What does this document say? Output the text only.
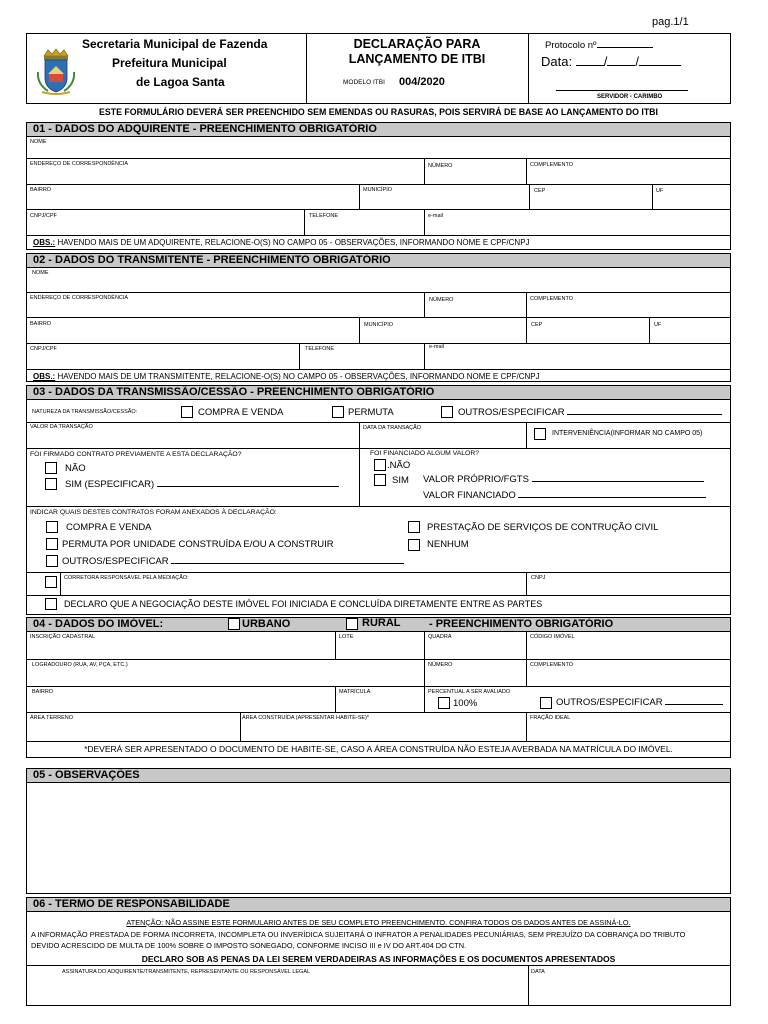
pag.1/1
Secretaria Municipal de Fazenda
Prefeitura Municipal
de Lagoa Santa
DECLARAÇÃO PARA
LANÇAMENTO DE ITBI
MODELO ITBI 004/2020
Protocolo nº
Data: / /
SERVIDOR - CARIMBO
ESTE FORMULÁRIO DEVERÁ SER PREENCHIDO SEM EMENDAS OU RASURAS, POIS SERVIRÁ DE BASE AO LANÇAMENTO DO ITBI
01 - DADOS DO ADQUIRENTE - PREENCHIMENTO OBRIGATÓRIO
NOME
ENDEREÇO DE CORRESPONDÊNCIA	NÚMERO	COMPLEMENTO
BAIRRO	MUNICÍPIO	CEP	UF
CNPJ/CPF	TELEFONE	e-mail
OBS.: HAVENDO MAIS DE UM ADQUIRENTE, RELACIONE-O(S) NO CAMPO 05 - OBSERVAÇÕES, INFORMANDO NOME E CPF/CNPJ
02 - DADOS DO TRANSMITENTE - PREENCHIMENTO OBRIGATÓRIO
NOME
ENDEREÇO DE CORRESPONDÊNCIA	NÚMERO	COMPLEMENTO
BAIRRO	MUNICÍPIO	CEP	UF
CNPJ/CPF	TELEFONE	e-mail
OBS.: HAVENDO MAIS DE UM TRANSMITENTE, RELACIONE-O(S) NO CAMPO 05 - OBSERVAÇÕES, INFORMANDO NOME E CPF/CNPJ
03 - DADOS DA TRANSMISSÃO/CESSÃO - PREENCHIMENTO OBRIGATÓRIO
NATUREZA DA TRANSMISSÃO/CESSÃO:	COMPRA E VENDA	PERMUTA	OUTROS/ESPECIFICAR
VALOR DA TRANSAÇÃO	DATA DA TRANSAÇÃO
INTERVENIÊNCIA(INFORMAR NO CAMPO 05)
FOI FIRMADO CONTRATO PREVIAMENTE A ESTA DECLARAÇÃO?
NÃO
SIM (ESPECIFICAR)
FOI FINANCIADO ALGUM VALOR?
.NÃO
SIM VALOR PRÓPRIO/FGTS
VALOR FINANCIADO
INDICAR QUAIS DESTES CONTRATOS FORAM ANEXADOS À DECLARAÇÃO:
COMPRA E VENDA
PERMUTA POR UNIDADE CONSTRUÍDA E/OU A CONSTRUIR
OUTROS/ESPECIFICAR
PRESTAÇÃO DE SERVIÇOS DE CONTRUÇÃO CIVIL
NENHUM
CORRETORA RESPONSÁVEL PELA MEDIAÇÃO:	CNPJ
DECLARO QUE A NEGOCIAÇÃO DESTE IMÓVEL FOI INICIADA E CONCLUÍDA DIRETAMENTE ENTRE AS PARTES
04 - DADOS DO IMÓVEL:	URBANO	RURAL	- PREENCHIMENTO OBRIGATÓRIO
INSCRIÇÃO CADASTRAL	LOTE	QUADRA	CÓDIGO IMÓVEL
LOGRADOURO (RUA, AV, PÇA, ETC.)	NÚMERO	COMPLEMENTO
BAIRRO	MATRÍCULA	PERCENTUAL A SER AVALIADO
100%	OUTROS/ESPECIFICAR
ÁREA TERRENO	ÁREA CONSTRUÍDA (APRESENTAR HABITE-SE)*	FRAÇÃO IDEAL
*DEVERÁ SER APRESENTADO O DOCUMENTO DE HABITE-SE, CASO A ÁREA CONSTRUÍDA NÃO ESTEJA AVERBADA NA MATRÍCULA DO IMÓVEL.
05 - OBSERVAÇÕES
06 - TERMO DE RESPONSABILIDADE
ATENÇÃO: NÃO ASSINE ESTE FORMULARIO ANTES DE SEU COMPLETO PREENCHIMENTO. CONFIRA TODOS OS DADOS ANTES DE ASSINÁ-LO.
A INFORMAÇÃO PRESTADA DE FORMA INCORRETA, INCOMPLETA OU INVERÍDICA SUJEITARÁ O INFRATOR A PENALIDADES PECUNIÁRIAS, SEM PREJUÍZO DA COBRANÇA DO TRIBUTO
DEVIDO ACRESCIDO DE MULTA DE 100% SOBRE O IMPOSTO SONEGADO, CONFORME INCISO III e IV DO ART.404 DO CTN.
DECLARO SOB AS PENAS DA LEI SEREM VERDADEIRAS AS INFORMAÇÕES E OS DOCUMENTOS APRESENTADOS
ASSINATURA DO ADQUIRENTE/TRANSMITENTE, REPRESENTANTE OU RESPONSÁVEL LEGAL	DATA
